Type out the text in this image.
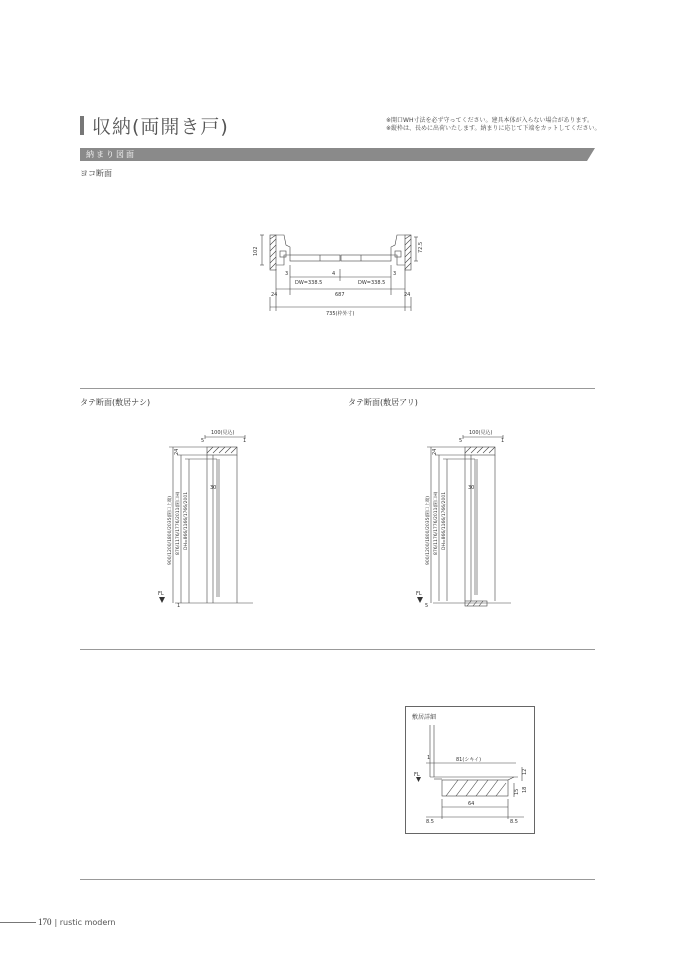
収納(両開き戸)	※開口WH寸法を必ず守ってください。建具本体が入らない場合があります。
※縦枠は、長めに出荷いたします。納まりに応じて下端をカットしてください。
納まり図面
ヨコ断面
102	72.5
3	4	3
DW=338.5	DW=338.5
687
24	24
735(枠外寸)
タテ断面(敷居ナシ)	タテ断面(敷居アリ)
FL
100(見込)
5	1
24
30
1
900/1200/1800/2035(開口上端) 876/1176/1776/2011(開口H) DH=866/1166/1766/2001
FL
100(見込)
5	1
24
30
5
900/1200/1800/2035(開口上端) 876/1176/1776/2011(開口H) DH=866/1166/1766/2001
敷居詳細
FL
81(シキイ)
1
12
15 18
64
8.5	8.5
170 | rustic modern
